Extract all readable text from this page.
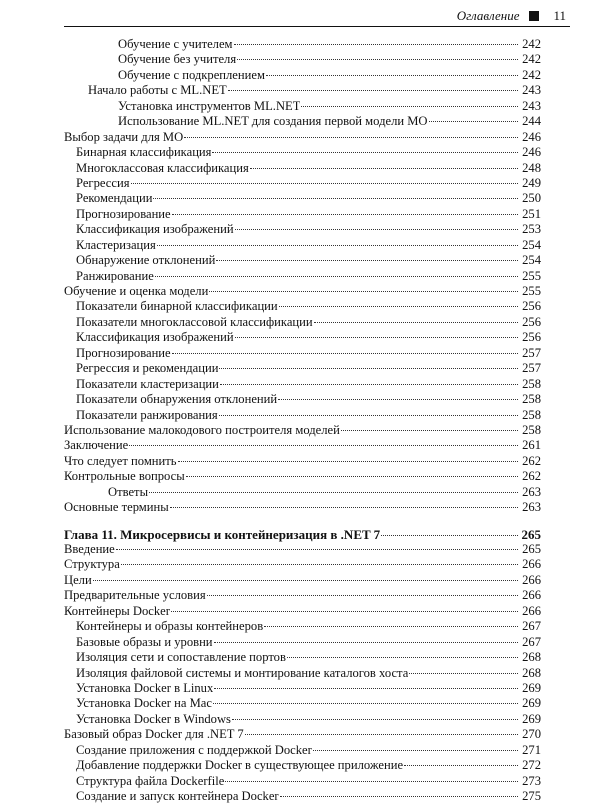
Оглавление	11
Обучение с учителем	242
Обучение без учителя	242
Обучение с подкреплением	242
Начало работы с ML.NET	243
Установка инструментов ML.NET	243
Использование ML.NET для создания первой модели MO	244
Выбор задачи для MO	246
Бинарная классификация	246
Многоклассовая классификация	248
Регрессия	249
Рекомендации	250
Прогнозирование	251
Классификация изображений	253
Кластеризация	254
Обнаружение отклонений	254
Ранжирование	255
Обучение и оценка модели	255
Показатели бинарной классификации	256
Показатели многоклассовой классификации	256
Классификация изображений	256
Прогнозирование	257
Регрессия и рекомендации	257
Показатели кластеризации	258
Показатели обнаружения отклонений	258
Показатели ранжирования	258
Использование малокодового построителя моделей	258
Заключение	261
Что следует помнить	262
Контрольные вопросы	262
Ответы	263
Основные термины	263
Глава 11. Микросервисы и контейнеризация в .NET 7	265
Введение	265
Структура	266
Цели	266
Предварительные условия	266
Контейнеры Docker	266
Контейнеры и образы контейнеров	267
Базовые образы и уровни	267
Изоляция сети и сопоставление портов	268
Изоляция файловой системы и монтирование каталогов хоста	268
Установка Docker в Linux	269
Установка Docker на Mac	269
Установка Docker в Windows	269
Базовый образ Docker для .NET 7	270
Создание приложения с поддержкой Docker	271
Добавление поддержки Docker в существующее приложение	272
Структура файла Dockerfile	273
Создание и запуск контейнера Docker	275
